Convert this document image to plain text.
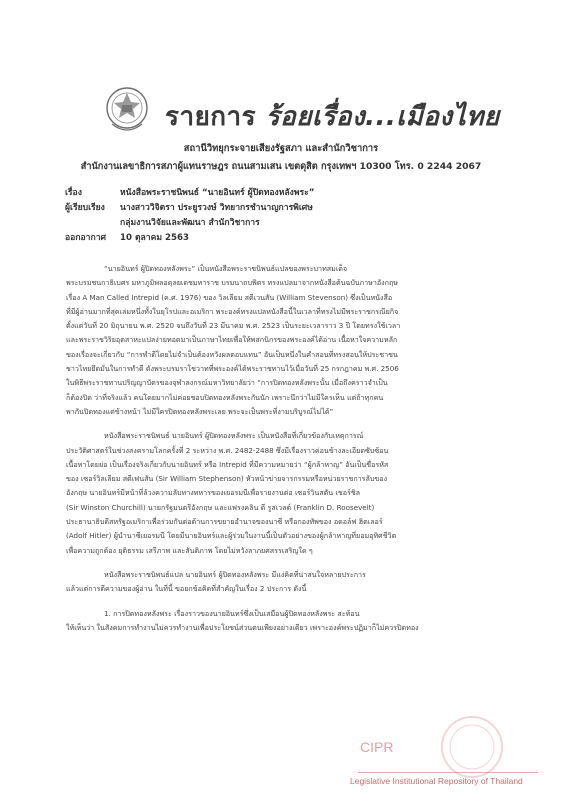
รายการ ร้อยเรื่อง...เมืองไทย
สถานีวิทยุกระจายเสียงรัฐสภา และสำนักวิชาการ
สำนักงานเลขาธิการสภาผู้แทนราษฎร ถนนสามเสน เขตดุสิต กรุงเทพฯ 10300 โทร. 0 2244 2067
เรื่อง	หนังสือพระราชนิพนธ์ “นายอินทร์ ผู้ปิดทองหลังพระ”
ผู้เรียบเรียง	นางสาววิจิตรา ประยูรวงษ์ วิทยากรชำนาญการพิเศษ
กลุ่มงานวิจัยและพัฒนา สำนักวิชาการ
ออกอากาศ	10 ตุลาคม 2563
“นายอินทร์ ผู้ปิดทองหลังพระ” เป็นหนังสือพระราชนิพนธ์แปลของพระบาทสมเด็จ
พระบรมชนกาธิเบศร มหาภูมิพลอดุลยเดชมหาราช บรมนาถบพิตร ทรงแปลมาจากหนังสือต้นฉบับภาษาอังกฤษ
เรื่อง A Man Called Intrepid (ค.ศ. 1976) ของ วิลเลียม สตีเวนสัน (William Stevenson) ซึ่งเป็นหนังสือ
ที่มีผู้อ่านมากที่สุดเล่มหนึ่งทั้งในยุโรปและอเมริกา พระองค์ทรงแปลหนังสือนี้ในเวลาที่ทรงไม่มีพระราชกรณียกิจ
ตั้งแต่วันที่ 20 มิถุนายน พ.ศ. 2520 จนถึงวันที่ 23 มีนาคม พ.ศ. 2523 เป็นระยะเวลาราว 3 ปี โดยทรงใช้เวลา
และพระราชวิริยอุตสาหะแปลง่ายทอดมาเป็นภาษาไทยเพื่อให้พสกนิกรของพระองค์ได้อ่าน เนื้อหาใจความหลัก
ของเรื่องจะเกี่ยวกับ “การทำดีโดยไม่จำเป็นต้องหวังผลตอบแทน” อันเป็นหนึ่งในคำสอนที่ทรงสอนให้ประชาชน
ชาวไทยยึดมั่นในการทำดี ดังพระบรมราโชวาทที่พระองค์ได้พระราชทานไว้เมื่อวันที่ 25 กรกฎาคม พ.ศ. 2506
ในพิธีพระราชทานปริญญาบัตรของจุฬาลงกรณ์มหาวิทยาลัยว่า “การปิดทองหลังพระนั้น เมื่อถึงคราวจำเป็น
ก็ต้องปิด ว่าที่จริงแล้ว คนโดยมากไม่ค่อยชอบปิดทองหลังพระกันนัก เพราะนึกว่าไม่มีใครเห็น แต่ถ้าทุกคน
พากันปิดทองแต่ข้างหน้า ไม่มีใครปิดทองหลังพระเลย พระจะเป็นพระที่งามบริบูรณ์ไม่ได้”
หนังสือพระราชนิพนธ์ นายอินทร์ ผู้ปิดทองหลังพระ เป็นหนังสือที่เกี่ยวข้องกับเหตุการณ์
ประวัติศาสตร์ในช่วงสงครามโลกครั้งที่ 2 ระหว่าง พ.ศ. 2482-2488 ซึ่งมีเรื่องราวค่อนข้างละเอียดซับซ้อน
เนื้อหาโดยย่อ เป็นเรื่องจริงเกี่ยวกับนายอินทร์ หรือ Intrepid ที่มีความหมายว่า “ผู้กล้าหาญ” อันเป็นชื่อรหัส
ของ เซอร์วิลเลียม สตีเฟนสัน (Sir William Stephenson) หัวหน้าข่ายจารกรรมหรือหน่วยราชการลับของ
อังกฤษ นายอินทร์มีหน้าที่ล้วงความลับทางทหารของเยอรมนีเพื่อรายงานต่อ เซอร์วินสตัน เชอร์ชิล
(Sir Winston Churchill) นายกรัฐมนตรีอังกฤษ และแฟรงคลิน ดี รูสเวลต์ (Franklin D. Roosevelt)
ประธานาธิบดีสหรัฐอเมริกาเพื่อร่วมกันต่อต้านการขยายอำนาจของนาซี หรือกองทัพของ อดอล์ฟ ฮิตเลอร์
(Adolf Hitler) ผู้นำนาซีเยอรมนี โดยมีนายอินทร์และผู้ร่วมในงานนี้เป็นตัวอย่างของผู้กล้าหาญที่ยอมอุทิศชีวิต
เพื่อความถูกต้อง ยุติธรรม เสรีภาพ และสันติภาพ โดยไม่หวังลาภยศสรรเสริญใด ๆ
หนังสือพระราชนิพนธ์แปล นายอินทร์ ผู้ปิดทองหลังพระ มีแง่คิดที่น่าสนใจหลายประการ
แล้วแต่การตีความของผู้อ่าน ในที่นี้ ขอยกข้อคิดที่สำคัญในเรื่อง 2 ประการ ดังนี้
1. การปิดทองหลังพระ เรื่องราวของนายอินทร์ซึ่งเป็นเสมือนผู้ปิดทองหลังพระ สะท้อน
ให้เห็นว่า ในสังคมการทำงานไม่ควรทำงานเพื่อประโยชน์ส่วนตนเพียงอย่างเดียว เพราะองค์พระปฏิมาก็ไม่ควรปิดทอง
CIPR
Legislative Institutional Repository of Thailand
